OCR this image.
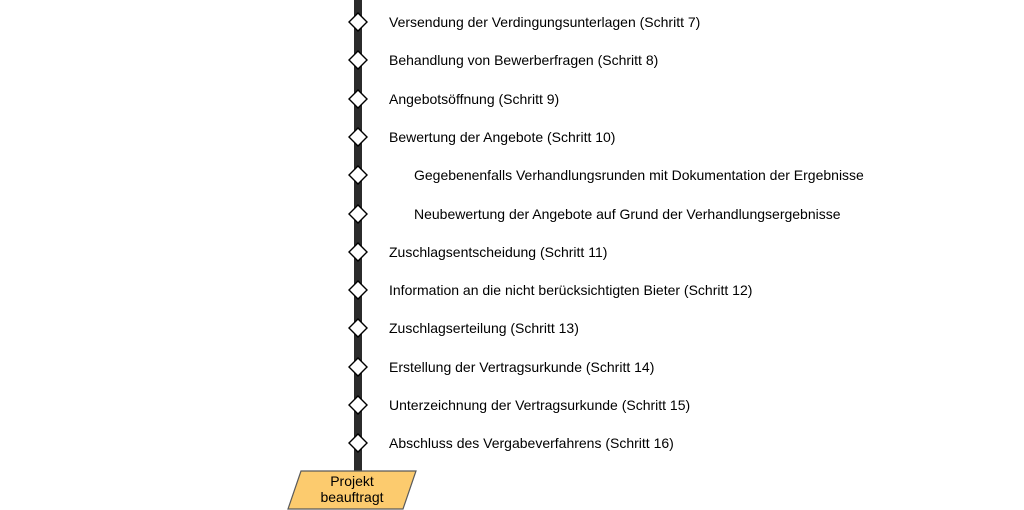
Versendung der Verdingungsunterlagen (Schritt 7)
Behandlung von Bewerberfragen (Schritt 8)
Angebotsöffnung (Schritt 9)
Bewertung der Angebote (Schritt 10)
Gegebenenfalls Verhandlungsrunden mit Dokumentation der Ergebnisse
Neubewertung der Angebote auf Grund der Verhandlungsergebnisse
Zuschlagsentscheidung (Schritt 11)
Information an die nicht berücksichtigten Bieter (Schritt 12)
Zuschlagserteilung (Schritt 13)
Erstellung der Vertragsurkunde (Schritt 14)
Unterzeichnung der Vertragsurkunde (Schritt 15)
Abschluss des Vergabeverfahrens (Schritt 16)
Projekt
beauftragt
